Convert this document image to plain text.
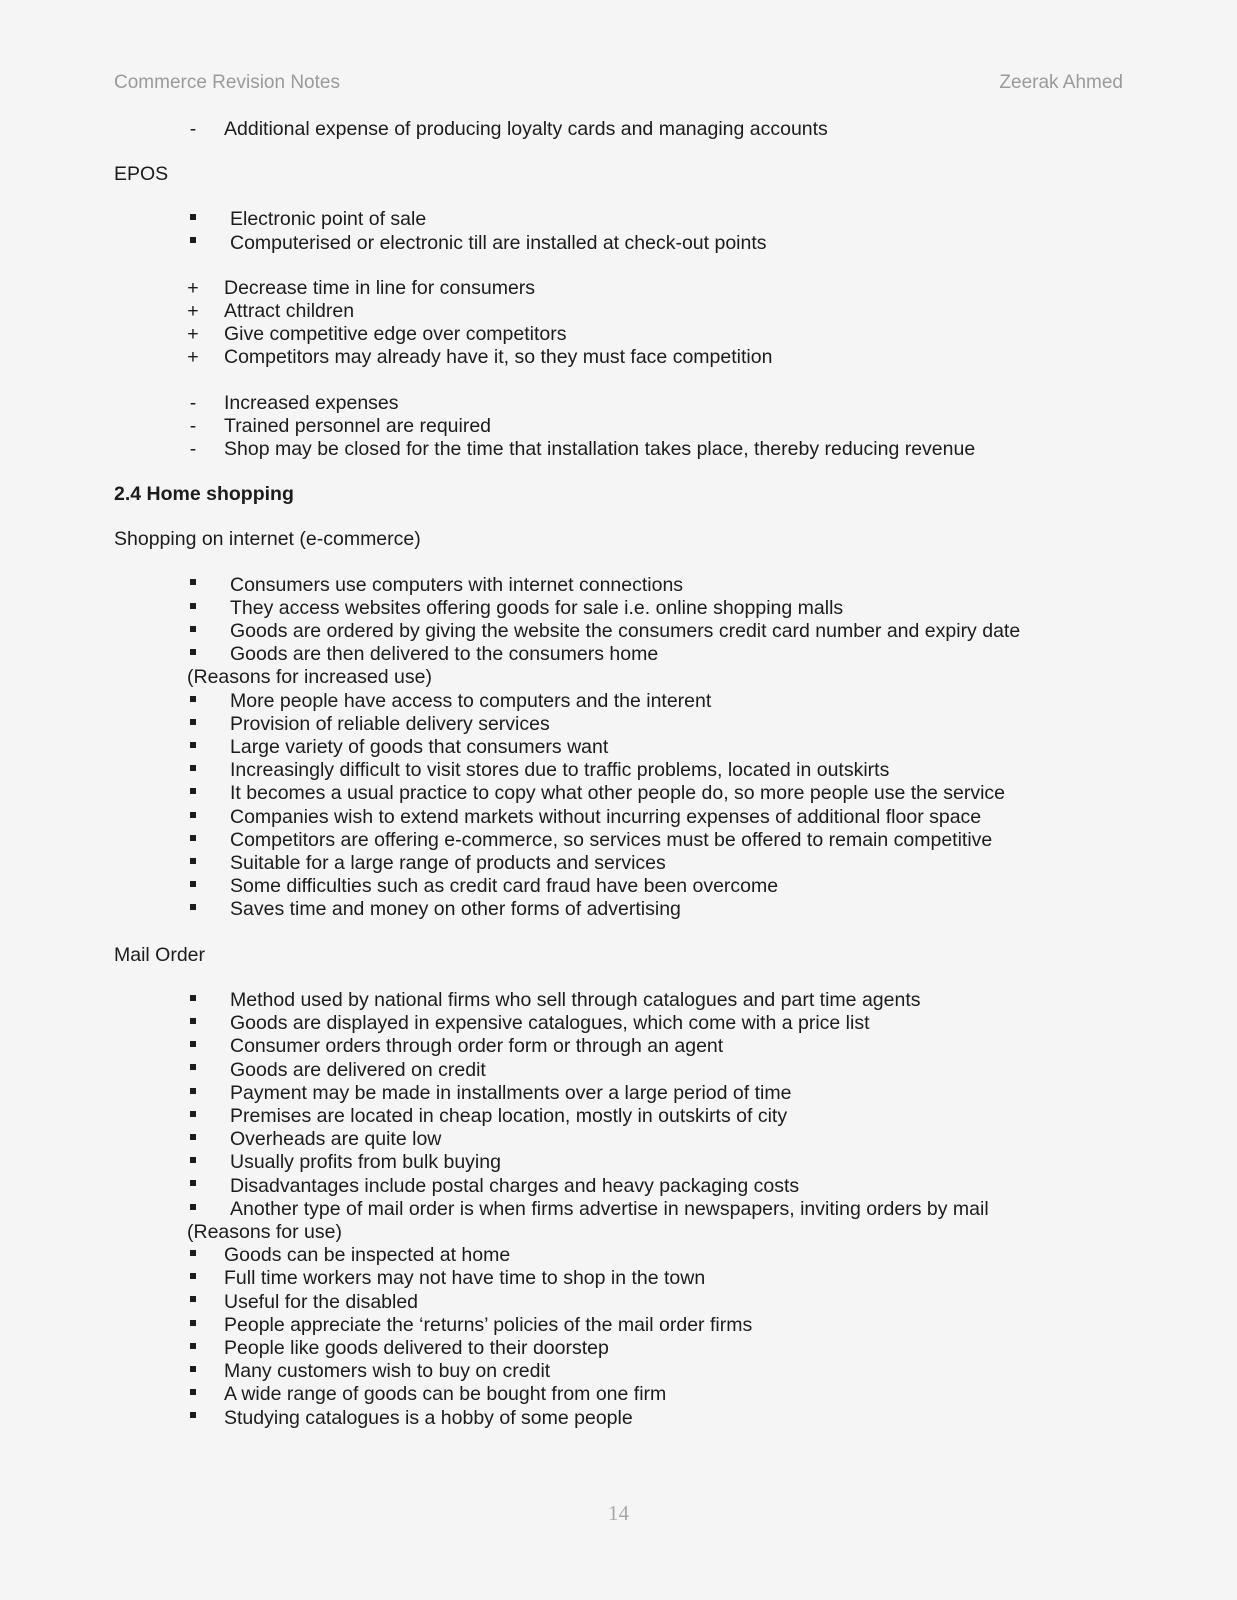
Commerce Revision Notes	Zeerak Ahmed
- Additional expense of producing loyalty cards and managing accounts
EPOS
Electronic point of sale
Computerised or electronic till are installed at check-out points
+ Decrease time in line for consumers
+ Attract children
+ Give competitive edge over competitors
+ Competitors may already have it, so they must face competition
- Increased expenses
- Trained personnel are required
- Shop may be closed for the time that installation takes place, thereby reducing revenue
2.4 Home shopping
Shopping on internet (e-commerce)
Consumers use computers with internet connections
They access websites offering goods for sale i.e. online shopping malls
Goods are ordered by giving the website the consumers credit card number and expiry date
Goods are then delivered to the consumers home
(Reasons for increased use)
More people have access to computers and the interent
Provision of reliable delivery services
Large variety of goods that consumers want
Increasingly difficult to visit stores due to traffic problems, located in outskirts
It becomes a usual practice to copy what other people do, so more people use the service
Companies wish to extend markets without incurring expenses of additional floor space
Competitors are offering e-commerce, so services must be offered to remain competitive
Suitable for a large range of products and services
Some difficulties such as credit card fraud have been overcome
Saves time and money on other forms of advertising
Mail Order
Method used by national firms who sell through catalogues and part time agents
Goods are displayed in expensive catalogues, which come with a price list
Consumer orders through order form or through an agent
Goods are delivered on credit
Payment may be made in installments over a large period of time
Premises are located in cheap location, mostly in outskirts of city
Overheads are quite low
Usually profits from bulk buying
Disadvantages include postal charges and heavy packaging costs
Another type of mail order is when firms advertise in newspapers, inviting orders by mail
(Reasons for use)
Goods can be inspected at home
Full time workers may not have time to shop in the town
Useful for the disabled
People appreciate the ‘returns’ policies of the mail order firms
People like goods delivered to their doorstep
Many customers wish to buy on credit
A wide range of goods can be bought from one firm
Studying catalogues is a hobby of some people
14
